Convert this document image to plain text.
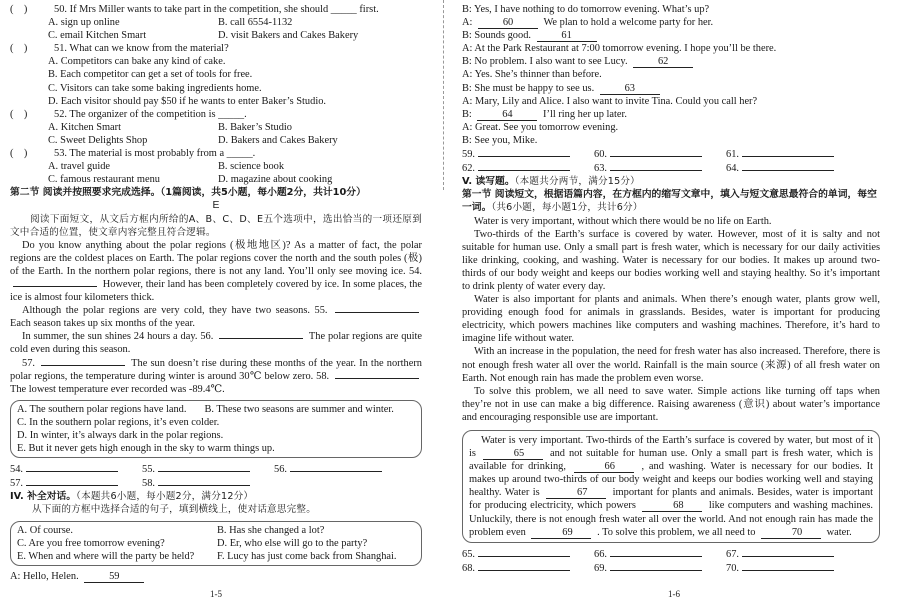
(    )	50. If Mrs Miller wants to take part in the competition, she should _____ first.
A. sign up online	B. call 6554-1132
C. email Kitchen Smart	D. visit Bakers and Cakes Bakery
(    )	51. What can we know from the material?
A. Competitors can bake any kind of cake.
B. Each competitor can get a set of tools for free.
C. Visitors can take some baking ingredients home.
D. Each visitor should pay $50 if he wants to enter Baker’s Studio.
(    )	52. The organizer of the competition is _____.
A. Kitchen Smart	B. Baker’s Studio
C. Sweet Delights Shop	D. Bakers and Cakes Bakery
(    )	53. The material is most probably from a _____.
A. travel guide	B. science book
C. famous restaurant menu	D. magazine about cooking
第二节 阅读并按照要求完成选择。（1篇阅读，共5小题，每小题2分，共计10分）
E

阅读下面短文，从文后方框内所给的A、B、C、D、E五个选项中，选出恰当的一项还原到文中合适的位置，使文章内容完整且符合逻辑。

Do you know anything about the polar regions (极地地区)? As a matter of fact, the polar regions are the coldest places on Earth. The polar regions cover the north and the south poles (极) of the Earth. In the northern polar regions, there is not any land. You’ll only see moving ice. 54.  However, their land has been completely covered by ice. In some places, the ice is almost four kilometers thick.

Although the polar regions are very cold, they have two seasons. 55.  Each season takes up six months of the year.

In summer, the sun shines 24 hours a day. 56.	The polar regions are quite cold even during this season.

57.	The sun doesn’t rise during these months of the year. In the northern polar regions, the temperature during winter is around 30℃ below zero. 58.  The lowest temperature ever recorded was -89.4℃.

A. The southern polar regions have land. B. These two seasons are summer and winter.
C. In the southern polar regions, it’s even colder.
D. In winter, it’s always dark in the polar regions.
E. But it never gets high enough in the sky to warm things up.
54.	55.	56.
57.	58.
IV. 补全对话。（本题共6小题，每小题2分，满分12分）
从下面的方框中选择合适的句子，填到横线上，使对话意思完整。
A. Of course.	B. Has she changed a lot?
C. Are you free tomorrow evening?	D. Er, who else will go to the party?
E. When and where will the party be held?	F. Lucy has just come back from Shanghai.
A: Hello, Helen.	59
1-5
B: Yes, I have nothing to do tomorrow evening. What’s up?
A:	60	We plan to hold a welcome party for her.
B: Sounds good.	61
A: At the Park Restaurant at 7:00 tomorrow evening. I hope you’ll be there.
B: No problem. I also want to see Lucy.	62
A: Yes. She’s thinner than before.
B: She must be happy to see us.	63
A: Mary, Lily and Alice. I also want to invite Tina. Could you call her?
B:	64	I’ll ring her up later.
A: Great. See you tomorrow evening.
B: See you, Mike.
59.	60.	61.
62.	63.	64.
V. 读写题。（本题共分两节，满分15分）
第一节 阅读短文，根据语篇内容，在方框内的缩写文章中，填入与短文意思最符合的单词，每空一词。（共6小题，每小题1分，共计6分）

Water is very important, without which there would be no life on Earth.

Two-thirds of the Earth’s surface is covered by water. However, most of it is salty and not suitable for human use. Only a small part is fresh water, which is necessary for our daily activities like drinking, cooking, and washing. Water is necessary for our bodies. It makes up around two-thirds of our body weight and keeps our bodies working well and staying healthy. So it’s important to drink plenty of water every day.

Water is also important for plants and animals. When there’s enough water, plants grow well, providing enough food for animals in grasslands. Besides, water is important for producing electricity, which powers machines like computers and washing machines. Therefore, it’s hard to imagine life without water.

With an increase in the population, the need for fresh water has also increased. Therefore, there is not enough fresh water all over the world. Rainfall is the main source (来源) of all fresh water on Earth. Not enough rain has made the problem even worse.

To solve this problem, we all need to save water. Simple actions like turning off taps when they’re not in use can make a big difference. Raising awareness (意识) about water’s importance and encouraging responsible use are important.

Water is very important. Two-thirds of the Earth’s surface is covered by water, but most of it is	65 and not suitable for human use. Only a small part is fresh water, which is available for drinking,	66	, and washing. Water is necessary for our bodies. It makes up around two-thirds of our body weight and keeps our bodies working well and staying healthy. Water is	67 important for plants and animals. Besides, water is important for producing electricity, which powers	68 like computers and washing machines. Unluckily, there is not enough fresh water all over the world. And not enough rain has made the problem even	69 . To solve this problem, we all need to	70 water.

65.	66.	67.
68.	69.	70.
1-6
